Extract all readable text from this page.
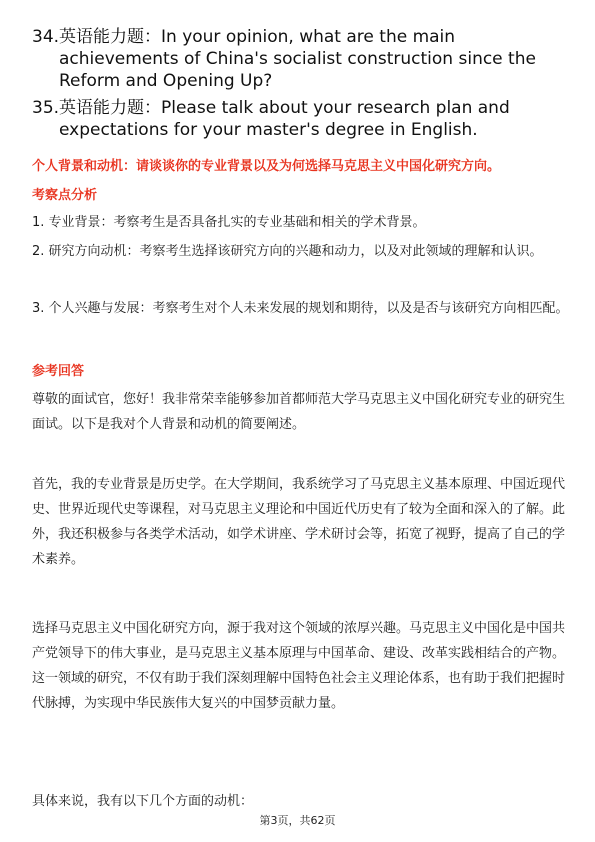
34. 英语能力题：In your opinion, what are the main achievements of China's socialist construction since the Reform and Opening Up?
35. 英语能力题：Please talk about your research plan and expectations for your master's degree in English.
个人背景和动机：请谈谈你的专业背景以及为何选择马克思主义中国化研究方向。
考察点分析
1. 专业背景：考察考生是否具备扎实的专业基础和相关的学术背景。
2. 研究方向动机：考察考生选择该研究方向的兴趣和动力，以及对此领域的理解和认识。
3. 个人兴趣与发展：考察考生对个人未来发展的规划和期待，以及是否与该研究方向相匹配。
参考回答
尊敬的面试官，您好！我非常荣幸能够参加首都师范大学马克思主义中国化研究专业的研究生面试。以下是我对个人背景和动机的简要阐述。
首先，我的专业背景是历史学。在大学期间，我系统学习了马克思主义基本原理、中国近现代史、世界近现代史等课程，对马克思主义理论和中国近代历史有了较为全面和深入的了解。此外，我还积极参与各类学术活动，如学术讲座、学术研讨会等，拓宽了视野，提高了自己的学术素养。
选择马克思主义中国化研究方向，源于我对这个领域的浓厚兴趣。马克思主义中国化是中国共产党领导下的伟大事业，是马克思主义基本原理与中国革命、建设、改革实践相结合的产物。这一领域的研究，不仅有助于我们深刻理解中国特色社会主义理论体系，也有助于我们把握时代脉搏，为实现中华民族伟大复兴的中国梦贡献力量。
具体来说，我有以下几个方面的动机：
第3页，共62页
